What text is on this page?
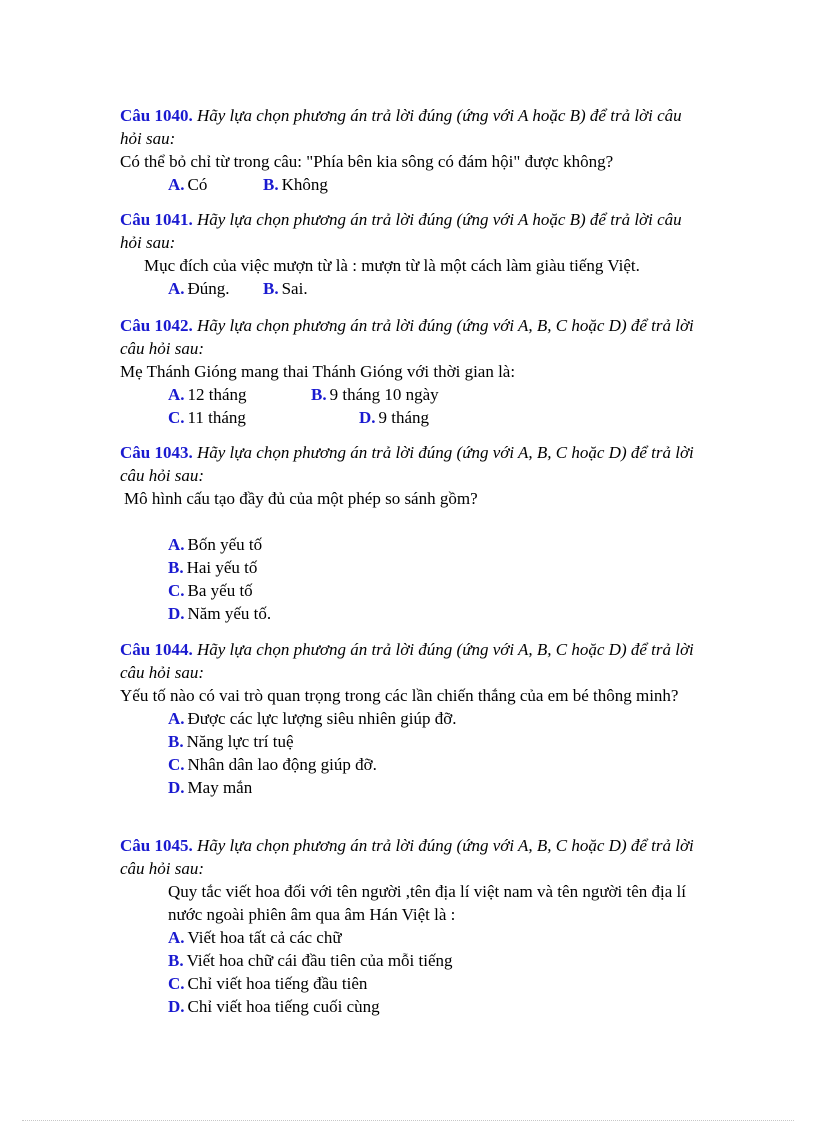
Câu 1040. Hãy lựa chọn phương án trả lời đúng (ứng với A hoặc B) để trả lời câu hỏi sau:
Có thể bỏ chỉ từ trong câu: "Phía bên kia sông có đám hội" được không?
A. Có	B. Không
Câu 1041. Hãy lựa chọn phương án trả lời đúng (ứng với A hoặc B) để trả lời câu hỏi sau:
Mục đích của việc mượn từ là : mượn từ là một cách làm giàu tiếng Việt.
A. Đúng. B. Sai.
Câu 1042. Hãy lựa chọn phương án trả lời đúng (ứng với A, B, C hoặc D) để trả lời câu hỏi sau:
Mẹ Thánh Gióng mang thai Thánh Gióng với thời gian là:
A. 12 tháng	B. 9 tháng 10 ngày
C. 11 tháng	D. 9 tháng
Câu 1043. Hãy lựa chọn phương án trả lời đúng (ứng với A, B, C hoặc D) để trả lời câu hỏi sau:
Mô hình cấu tạo đầy đủ của một phép so sánh gồm?
A. Bốn yếu tố
B. Hai yếu tố
C. Ba yếu tố
D. Năm yếu tố.
Câu 1044. Hãy lựa chọn phương án trả lời đúng (ứng với A, B, C hoặc D) để trả lời câu hỏi sau:
Yếu tố nào có vai trò quan trọng trong các lần chiến thắng của em bé thông minh?
A. Được các lực lượng siêu nhiên giúp đỡ.
B. Năng lực trí tuệ
C. Nhân dân lao động giúp đỡ.
D. May mắn
Câu 1045. Hãy lựa chọn phương án trả lời đúng (ứng với A, B, C hoặc D) để trả lời câu hỏi sau:
Quy tắc viết hoa đối với tên người ,tên địa lí việt nam và tên người tên địa lí nước ngoài phiên âm qua âm Hán Việt là :
A. Viết hoa tất cả các chữ
B. Viết hoa chữ cái đầu tiên của mỗi tiếng
C. Chỉ viết hoa tiếng đầu tiên
D. Chỉ viết hoa tiếng cuối cùng
